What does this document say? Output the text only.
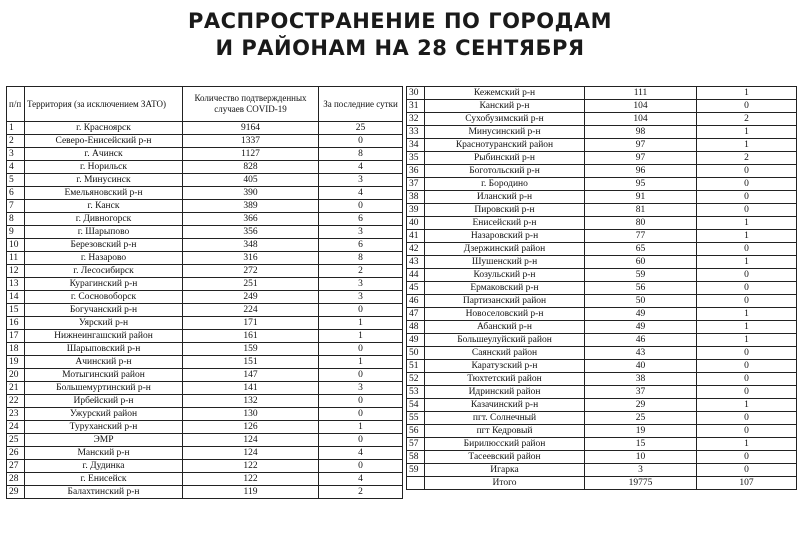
РАСПРОСТРАНЕНИЕ ПО ГОРОДАМ
И РАЙОНАМ НА 28 СЕНТЯБРЯ
п/п	Территория (за исключением ЗАТО)	Количество подтвержденных случаев COVID-19	За последние сутки
1	г. Красноярск	9164	25
2	Северо-Енисейский р-н	1337	0
3	г. Ачинск	1127	8
4	г. Норильск	828	4
5	г. Минусинск	405	3
6	Емельяновский р-н	390	4
7	г. Канск	389	0
8	г. Дивногорск	366	6
9	г. Шарыпово	356	3
10	Березовский р-н	348	6
11	г. Назарово	316	8
12	г. Лесосибирск	272	2
13	Курагинский р-н	251	3
14	г. Сосновоборск	249	3
15	Богучанский р-н	224	0
16	Уярский р-н	171	1
17	Нижнеингашский район	161	1
18	Шарыповский р-н	159	0
19	Ачинский р-н	151	1
20	Мотыгинский район	147	0
21	Большемуртинский р-н	141	3
22	Ирбейский р-н	132	0
23	Ужурский район	130	0
24	Туруханский р-н	126	1
25	ЭМР	124	0
26	Манский р-н	124	4
27	г. Дудинка	122	0
28	г. Енисейск	122	4
29	Балахтинский р-н	119	2
30	Кежемский р-н	111	1
31	Канский р-н	104	0
32	Сухобузимский р-н	104	2
33	Минусинский р-н	98	1
34	Краснотуранский район	97	1
35	Рыбинский р-н	97	2
36	Боготольский р-н	96	0
37	г. Бородино	95	0
38	Иланский р-н	91	0
39	Пировский р-н	81	0
40	Енисейский р-н	80	1
41	Назаровский р-н	77	1
42	Дзержинский район	65	0
43	Шушенский р-н	60	1
44	Козульский р-н	59	0
45	Ермаковский р-н	56	0
46	Партизанский район	50	0
47	Новоселовский р-н	49	1
48	Абанский р-н	49	1
49	Большеулуйский район	46	1
50	Саянский район	43	0
51	Каратузский р-н	40	0
52	Тюхтетский район	38	0
53	Идринский район	37	0
54	Казачинский р-н	29	1
55	пгт. Солнечный	25	0
56	пгт Кедровый	19	0
57	Бирилюсский район	15	1
58	Тасеевский район	10	0
59	Игарка	3	0
	Итого	19775	107
